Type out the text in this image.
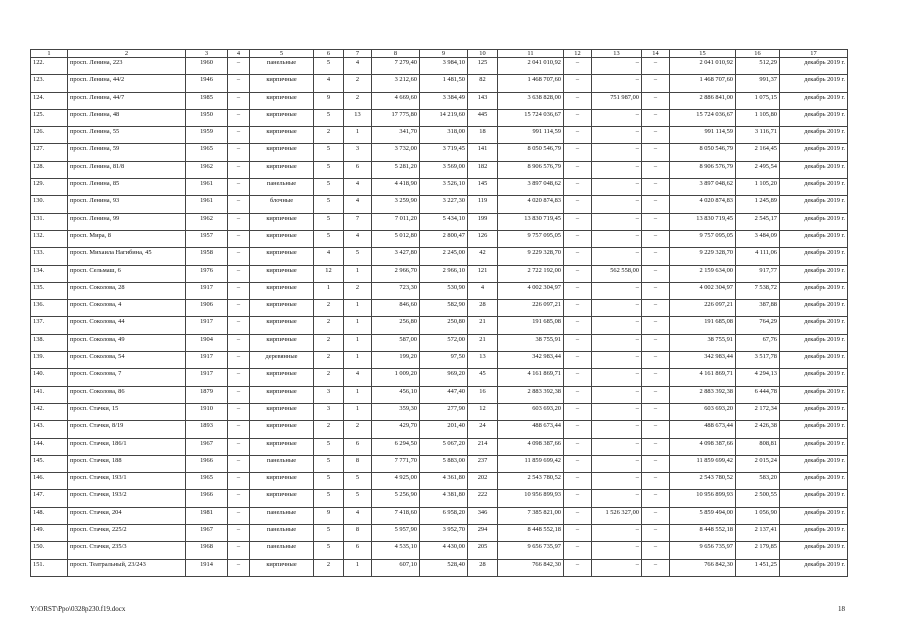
1	2	3	4	5	6	7	8	9	10	11	12	13	14	15	16	17
122.	просп. Ленина, 223	1960	–	панельные	5	4	7 279,40	3 984,10	125	2 041 010,92	–	–	–	2 041 010,92	512,29	декабрь 2019 г.
123.	просп. Ленина, 44/2	1946	–	кирпичные	4	2	3 212,60	1 481,50	82	1 468 707,60	–	–	–	1 468 707,60	991,37	декабрь 2019 г.
124.	просп. Ленина, 44/7	1985	–	кирпичные	9	2	4 669,60	3 384,49	143	3 638 828,00	–	751 987,00	–	2 886 841,00	1 075,15	декабрь 2019 г.
125.	просп. Ленина, 48	1950	–	кирпичные	5	13	17 775,80	14 219,60	445	15 724 036,67	–	–	–	15 724 036,67	1 105,80	декабрь 2019 г.
126.	просп. Ленина, 55	1959	–	кирпичные	2	1	341,70	318,00	18	991 114,59	–	–	–	991 114,59	3 116,71	декабрь 2019 г.
127.	просп. Ленина, 59	1965	–	кирпичные	5	3	3 732,00	3 719,45	141	8 050 546,79	–	–	–	8 050 546,79	2 164,45	декабрь 2019 г.
128.	просп. Ленина, 81/8	1962	–	кирпичные	5	6	5 281,20	3 569,00	182	8 906 576,79	–	–	–	8 906 576,79	2 495,54	декабрь 2019 г.
129.	просп. Ленина, 85	1961	–	панельные	5	4	4 418,90	3 526,10	145	3 897 048,62	–	–	–	3 897 048,62	1 105,20	декабрь 2019 г.
130.	просп. Ленина, 93	1961	–	блочные	5	4	3 259,90	3 227,30	119	4 020 874,83	–	–	–	4 020 874,83	1 245,89	декабрь 2019 г.
131.	просп. Ленина, 99	1962	–	кирпичные	5	7	7 011,20	5 434,10	199	13 830 719,45	–	–	–	13 830 719,45	2 545,17	декабрь 2019 г.
132.	просп. Мира, 8	1957	–	кирпичные	5	4	5 012,80	2 800,47	126	9 757 095,05	–	–	–	9 757 095,05	3 484,09	декабрь 2019 г.
133.	просп. Михаила Нагибина, 45	1958	–	кирпичные	4	5	3 427,80	2 245,00	42	9 229 328,70	–	–	–	9 229 328,70	4 111,06	декабрь 2019 г.
134.	просп. Сельмаш, 6	1976	–	кирпичные	12	1	2 966,70	2 966,10	121	2 722 192,00	–	562 558,00	–	2 159 634,00	917,77	декабрь 2019 г.
135.	просп. Соколова, 28	1917	–	кирпичные	1	2	723,30	530,90	4	4 002 304,97	–	–	–	4 002 304,97	7 538,72	декабрь 2019 г.
136.	просп. Соколова, 4	1906	–	кирпичные	2	1	846,60	582,90	28	226 097,21	–	–	–	226 097,21	387,88	декабрь 2019 г.
137.	просп. Соколова, 44	1917	–	кирпичные	2	1	256,80	250,80	21	191 685,08	–	–	–	191 685,08	764,29	декабрь 2019 г.
138.	просп. Соколова, 49	1904	–	кирпичные	2	1	587,00	572,00	21	38 755,91	–	–	–	38 755,91	67,76	декабрь 2019 г.
139.	просп. Соколова, 54	1917	–	деревянные	2	1	199,20	97,50	13	342 983,44	–	–	–	342 983,44	3 517,78	декабрь 2019 г.
140.	просп. Соколова, 7	1917	–	кирпичные	2	4	1 009,20	969,20	45	4 161 869,71	–	–	–	4 161 869,71	4 294,13	декабрь 2019 г.
141.	просп. Соколова, 86	1879	–	кирпичные	3	1	456,10	447,40	16	2 883 392,38	–	–	–	2 883 392,38	6 444,78	декабрь 2019 г.
142.	просп. Стачки, 15	1910	–	кирпичные	3	1	359,30	277,90	12	603 693,20	–	–	–	603 693,20	2 172,34	декабрь 2019 г.
143.	просп. Стачки, 8/19	1893	–	кирпичные	2	2	429,70	201,40	24	488 673,44	–	–	–	488 673,44	2 426,38	декабрь 2019 г.
144.	просп. Стачки, 186/1	1967	–	кирпичные	5	6	6 294,50	5 067,20	214	4 098 387,66	–	–	–	4 098 387,66	808,81	декабрь 2019 г.
145.	просп. Стачки, 188	1966	–	панельные	5	8	7 771,70	5 883,00	237	11 859 699,42	–	–	–	11 859 699,42	2 015,24	декабрь 2019 г.
146.	просп. Стачки, 193/1	1965	–	кирпичные	5	5	4 925,00	4 361,80	202	2 543 780,52	–	–	–	2 543 780,52	583,20	декабрь 2019 г.
147.	просп. Стачки, 193/2	1966	–	кирпичные	5	5	5 256,90	4 381,80	222	10 956 899,93	–	–	–	10 956 899,93	2 500,55	декабрь 2019 г.
148.	просп. Стачки, 204	1981	–	панельные	9	4	7 418,60	6 958,20	346	7 385 821,00	–	1 526 327,00	–	5 859 494,00	1 056,90	декабрь 2019 г.
149.	просп. Стачки, 225/2	1967	–	панельные	5	8	5 957,90	3 952,70	294	8 448 552,18	–	–	–	8 448 552,18	2 137,41	декабрь 2019 г.
150.	просп. Стачки, 235/3	1968	–	панельные	5	6	4 535,10	4 430,00	205	9 656 735,97	–	–	–	9 656 735,97	2 179,85	декабрь 2019 г.
151.	просп. Театральный, 23/243	1914	–	кирпичные	2	1	607,10	528,40	28	766 842,30	–	–	–	766 842,30	1 451,25	декабрь 2019 г.
Y:\ORST\Ppo\0328p230.f19.docx	18
